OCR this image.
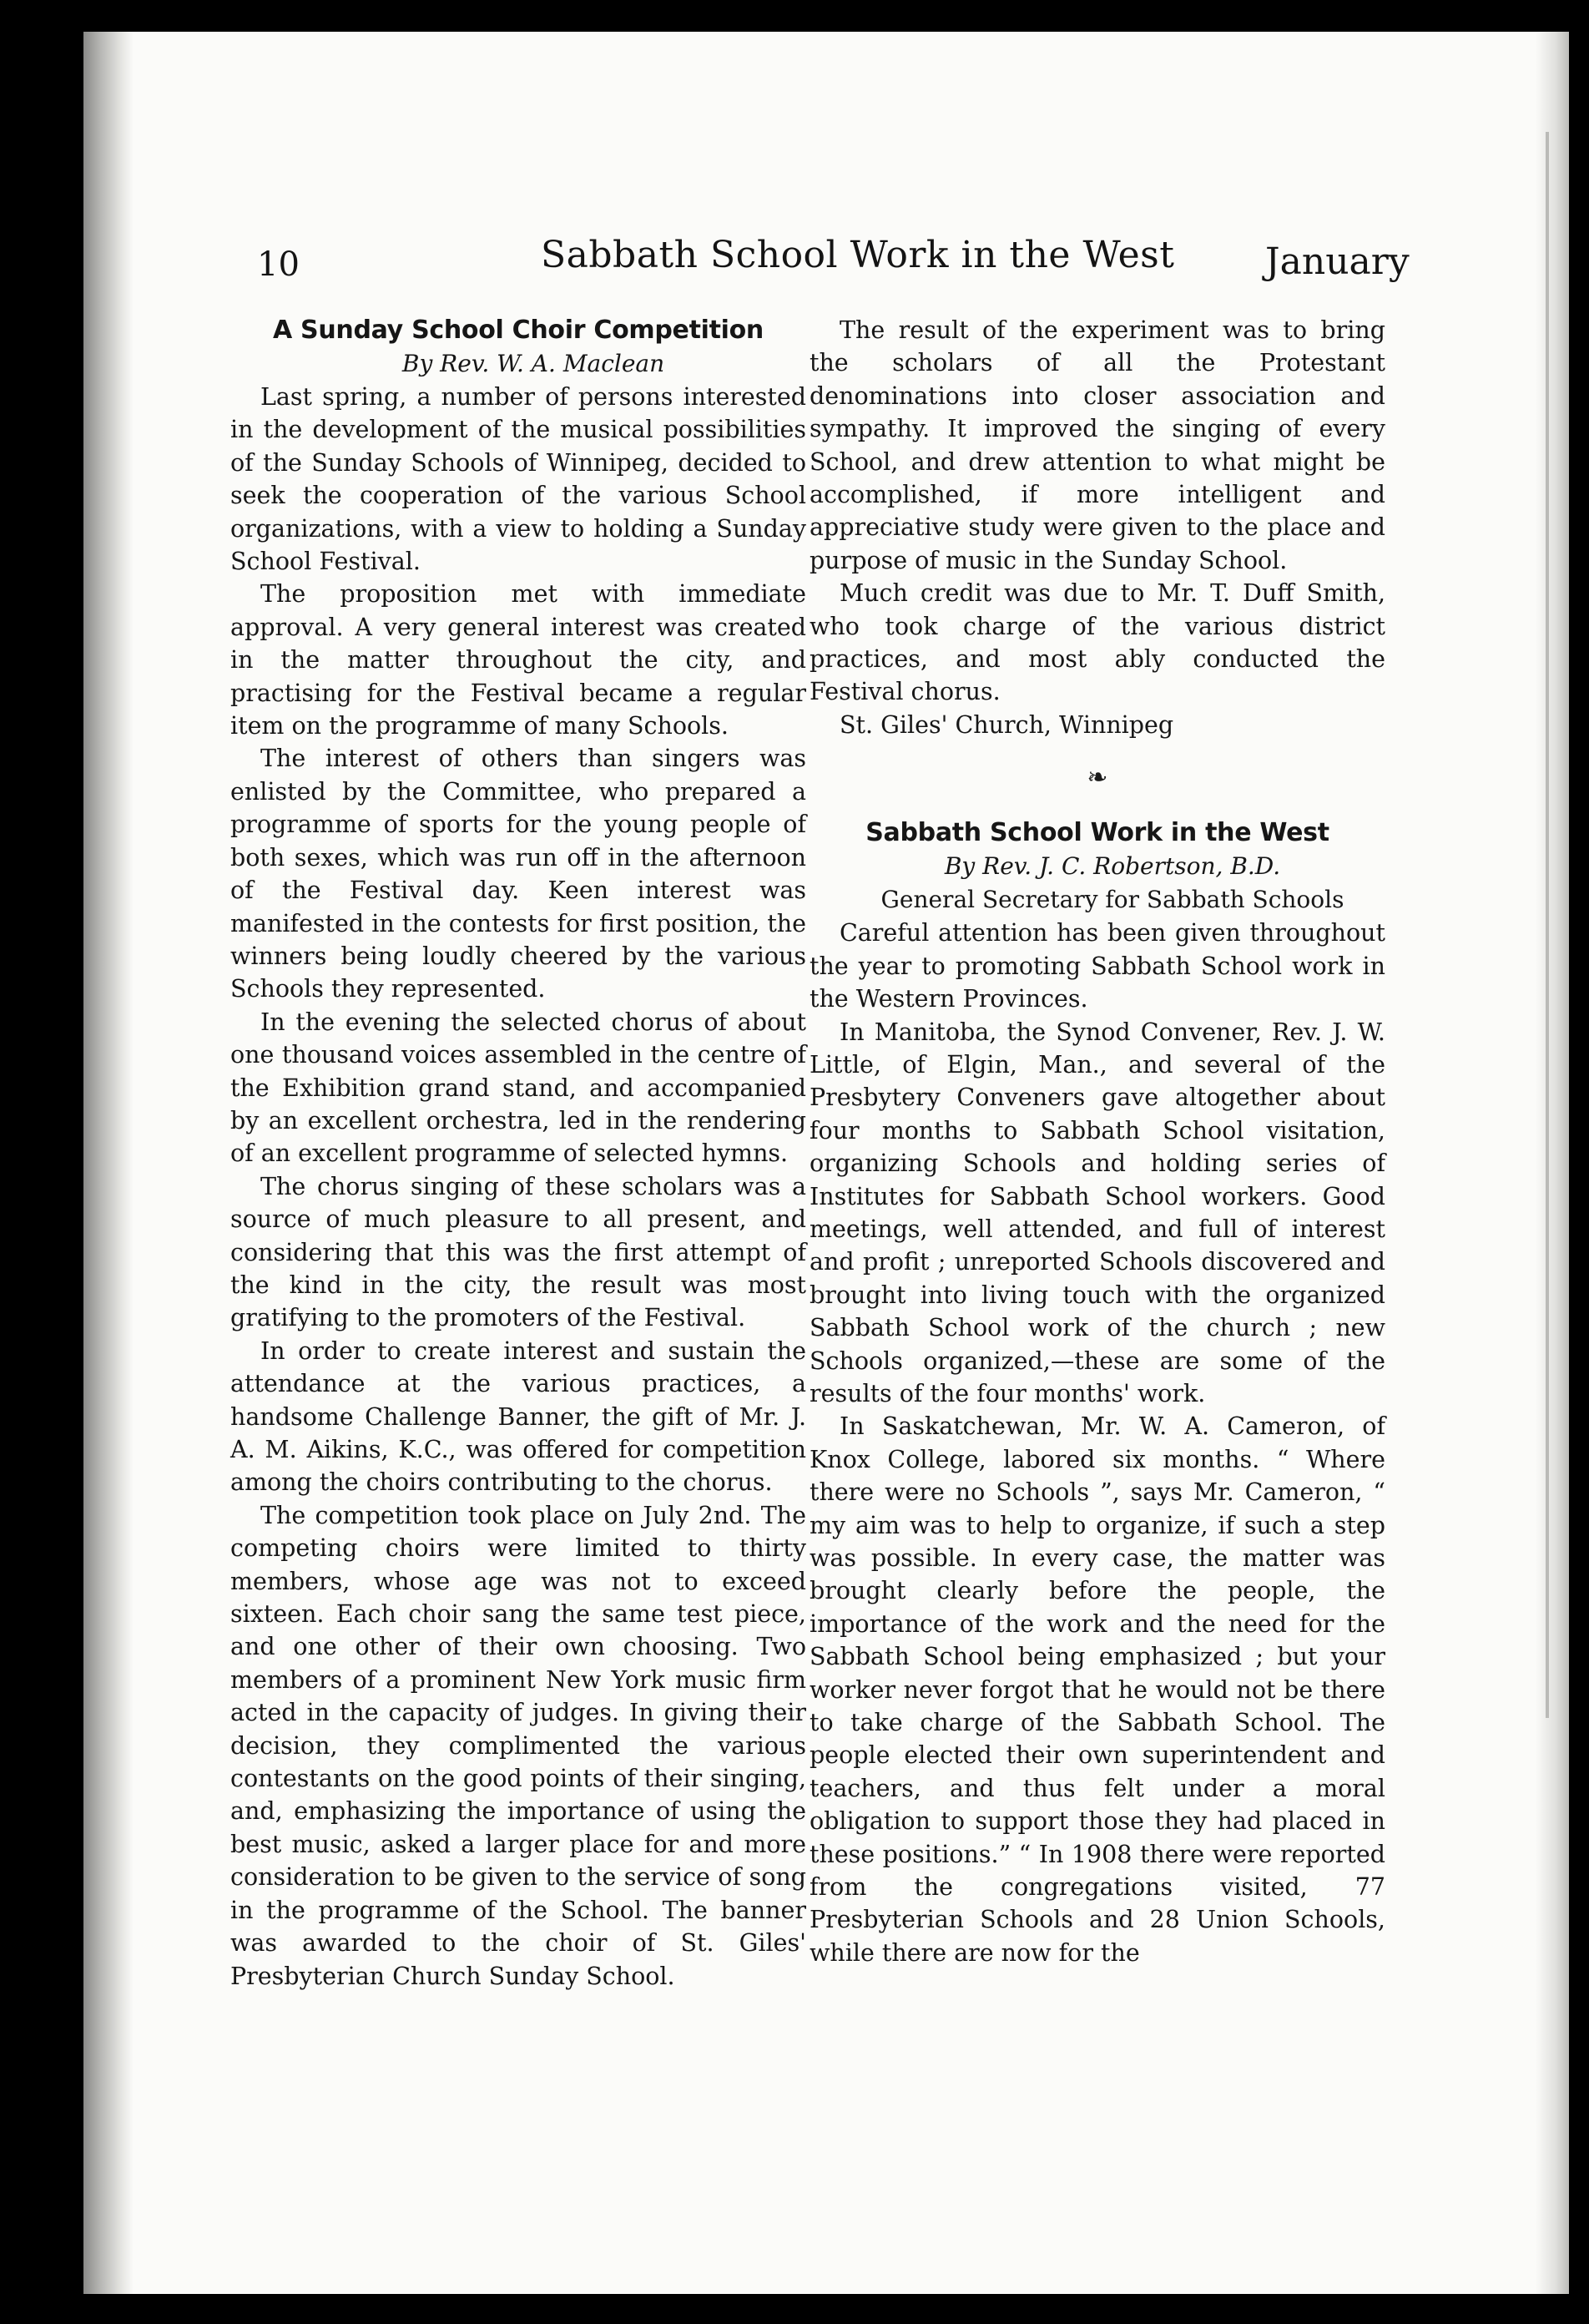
10	Sabbath School Work in the West January
A Sunday School Choir Competition

By Rev. W. A. Maclean

Last spring, a number of persons interested in the development of the musical possibilities of the Sunday Schools of Winnipeg, decided to seek the cooperation of the various School organizations, with a view to holding a Sunday School Festival.

The proposition met with immediate approval. A very general interest was created in the matter throughout the city, and practising for the Festival became a regular item on the programme of many Schools.

The interest of others than singers was enlisted by the Committee, who prepared a programme of sports for the young people of both sexes, which was run off in the afternoon of the Festival day. Keen interest was manifested in the contests for first position, the winners being loudly cheered by the various Schools they represented.

In the evening the selected chorus of about one thousand voices assembled in the centre of the Exhibition grand stand, and accompanied by an excellent orchestra, led in the rendering of an excellent programme of selected hymns.

The chorus singing of these scholars was a source of much pleasure to all present, and considering that this was the first attempt of the kind in the city, the result was most gratifying to the promoters of the Festival.

In order to create interest and sustain the attendance at the various practices, a handsome Challenge Banner, the gift of Mr. J. A. M. Aikins, K.C., was offered for competition among the choirs contributing to the chorus.

The competition took place on July 2nd. The competing choirs were limited to thirty members, whose age was not to exceed sixteen. Each choir sang the same test piece, and one other of their own choosing. Two members of a prominent New York music firm acted in the capacity of judges. In giving their decision, they complimented the various contestants on the good points of their singing, and, emphasizing the importance of using the best music, asked a larger place for and more consideration to be given to the service of song in the programme of the School. The banner was awarded to the choir of St. Giles' Presbyterian Church Sunday School.

The result of the experiment was to bring the scholars of all the Protestant denominations into closer association and sympathy. It improved the singing of every School, and drew attention to what might be accomplished, if more intelligent and appreciative study were given to the place and purpose of music in the Sunday School.

Much credit was due to Mr. T. Duff Smith, who took charge of the various district practices, and most ably conducted the Festival chorus.

St. Giles' Church, Winnipeg

❧
Sabbath School Work in the West

By Rev. J. C. Robertson, B.D.

General Secretary for Sabbath Schools

Careful attention has been given throughout the year to promoting Sabbath School work in the Western Provinces.

In Manitoba, the Synod Convener, Rev. J. W. Little, of Elgin, Man., and several of the Presbytery Conveners gave altogether about four months to Sabbath School visitation, organizing Schools and holding series of Institutes for Sabbath School workers. Good meetings, well attended, and full of interest and profit ; unreported Schools discovered and brought into living touch with the organized Sabbath School work of the church ; new Schools organized,—these are some of the results of the four months' work.

In Saskatchewan, Mr. W. A. Cameron, of Knox College, labored six months. “ Where there were no Schools ”, says Mr. Cameron, “ my aim was to help to organize, if such a step was possible. In every case, the matter was brought clearly before the people, the importance of the work and the need for the Sabbath School being emphasized ; but your worker never forgot that he would not be there to take charge of the Sabbath School. The people elected their own superintendent and teachers, and thus felt under a moral obligation to support those they had placed in these positions.” “ In 1908 there were reported from the congregations visited, 77 Presbyterian Schools and 28 Union Schools, while there are now for the
